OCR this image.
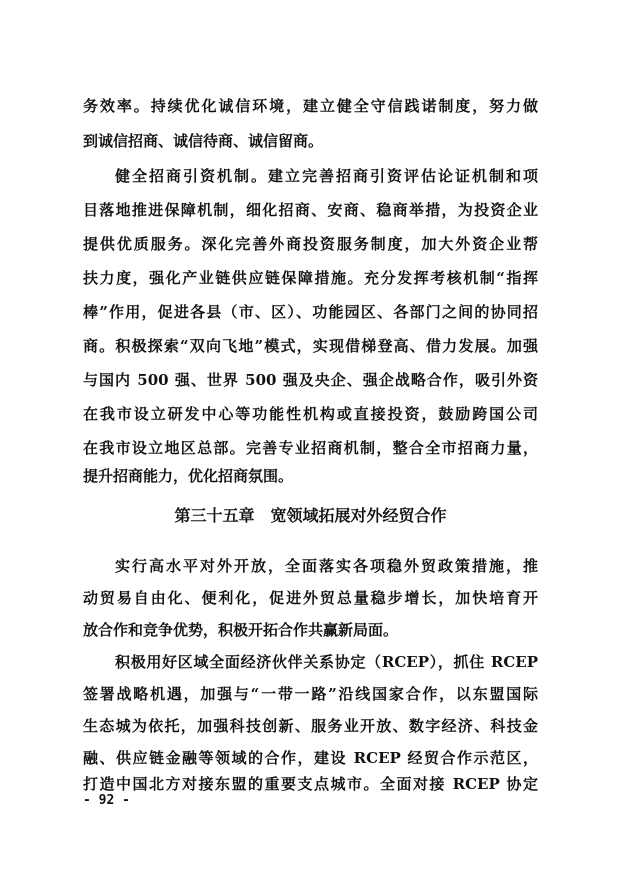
务效率。持续优化诚信环境，建立健全守信践诺制度，努力做
到诚信招商、诚信待商、诚信留商。
健全招商引资机制。建立完善招商引资评估论证机制和项
目落地推进保障机制，细化招商、安商、稳商举措，为投资企业
提供优质服务。深化完善外商投资服务制度，加大外资企业帮
扶力度，强化产业链供应链保障措施。充分发挥考核机制“指挥
棒”作用，促进各县（市、区）、功能园区、各部门之间的协同招
商。积极探索“双向飞地”模式，实现借梯登高、借力发展。加强
与国内 500 强、世界 500 强及央企、强企战略合作，吸引外资
在我市设立研发中心等功能性机构或直接投资，鼓励跨国公司
在我市设立地区总部。完善专业招商机制，整合全市招商力量，
提升招商能力，优化招商氛围。
第三十五章　宽领域拓展对外经贸合作
实行高水平对外开放，全面落实各项稳外贸政策措施，推
动贸易自由化、便利化，促进外贸总量稳步增长，加快培育开
放合作和竞争优势，积极开拓合作共赢新局面。
积极用好区域全面经济伙伴关系协定（RCEP），抓住 RCEP
签署战略机遇，加强与“一带一路”沿线国家合作，以东盟国际
生态城为依托，加强科技创新、服务业开放、数字经济、科技金
融、供应链金融等领域的合作，建设 RCEP 经贸合作示范区，
打造中国北方对接东盟的重要支点城市。全面对接 RCEP 协定
- 92 -
